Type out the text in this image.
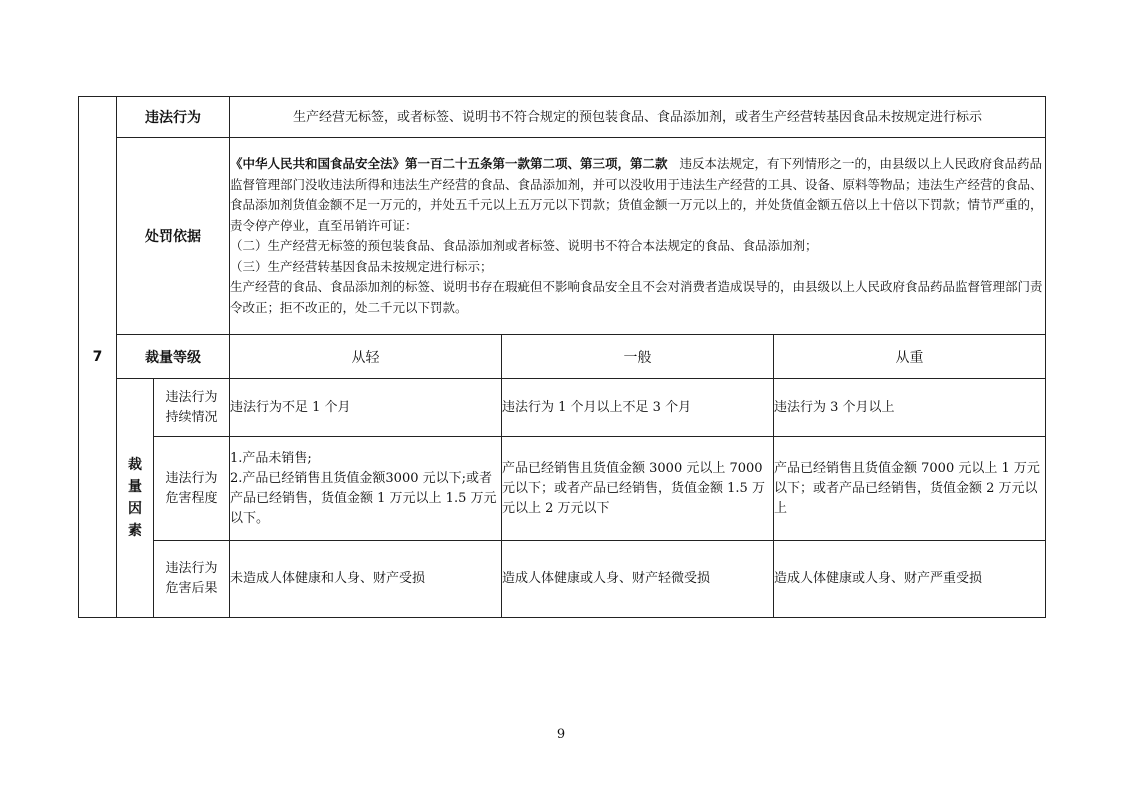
7	违法行为		生产经营无标签，或者标签、说明书不符合规定的预包装食品、食品添加剂，或者生产经营转基因食品未按规定进行标示		
	处罚依据		《中华人民共和国食品安全法》第一百二十五条第一款第二项、第三项，第二款 违反本法规定，有下列情形之一的，由县级以上人民政府食品药品监督管理部门没收违法所得和违法生产经营的食品、食品添加剂，并可以没收用于违法生产经营的工具、设备、原料等物品；违法生产经营的食品、食品添加剂货值金额不足一万元的，并处五千元以上五万元以下罚款；货值金额一万元以上的，并处货值金额五倍以上十倍以下罚款；情节严重的，责令停产停业，直至吊销许可证：

（二）生产经营无标签的预包装食品、食品添加剂或者标签、说明书不符合本法规定的食品、食品添加剂；

（三）生产经营转基因食品未按规定进行标示；

生产经营的食品、食品添加剂的标签、说明书存在瑕疵但不影响食品安全且不会对消费者造成误导的，由县级以上人民政府食品药品监督管理部门责令改正；拒不改正的，处二千元以下罚款。		

	裁量等级		从轻	一般	从重

	裁量因素	违法行为持续情况	违法行为不足 1 个月	违法行为 1 个月以上不足 3 个月	违法行为 3 个月以上

		违法行为危害程度	1.产品未销售;
2.产品已经销售且货值金额3000 元以下;或者产品已经销售，货值金额 1 万元以上 1.5 万元以下。	产品已经销售且货值金额 3000 元以上 7000 元以下；或者产品已经销售，货值金额 1.5 万元以上 2 万元以下	产品已经销售且货值金额 7000 元以上 1 万元以下；或者产品已经销售，货值金额 2 万元以上

		违法行为危害后果	未造成人体健康和人身、财产受损	造成人体健康或人身、财产轻微受损	造成人体健康或人身、财产严重受损
9
